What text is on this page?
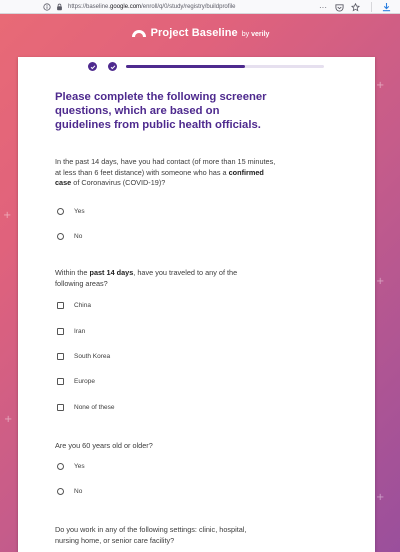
https://baseline.google.com/enroll/q/0/study/registry/buildprofile	···
+
+
+
+
+
Project Baseline by verily
Please complete the following screener questions, which are based on guidelines from public health officials.
In the past 14 days, have you had contact (of more than 15 minutes, at less than 6 feet distance) with someone who has a confirmed case of Coronavirus (COVID-19)?
Yes
No
Within the past 14 days, have you traveled to any of the following areas?
China
Iran
South Korea
Europe
None of these
Are you 60 years old or older?
Yes
No
Do you work in any of the following settings: clinic, hospital, nursing home, or senior care facility?
